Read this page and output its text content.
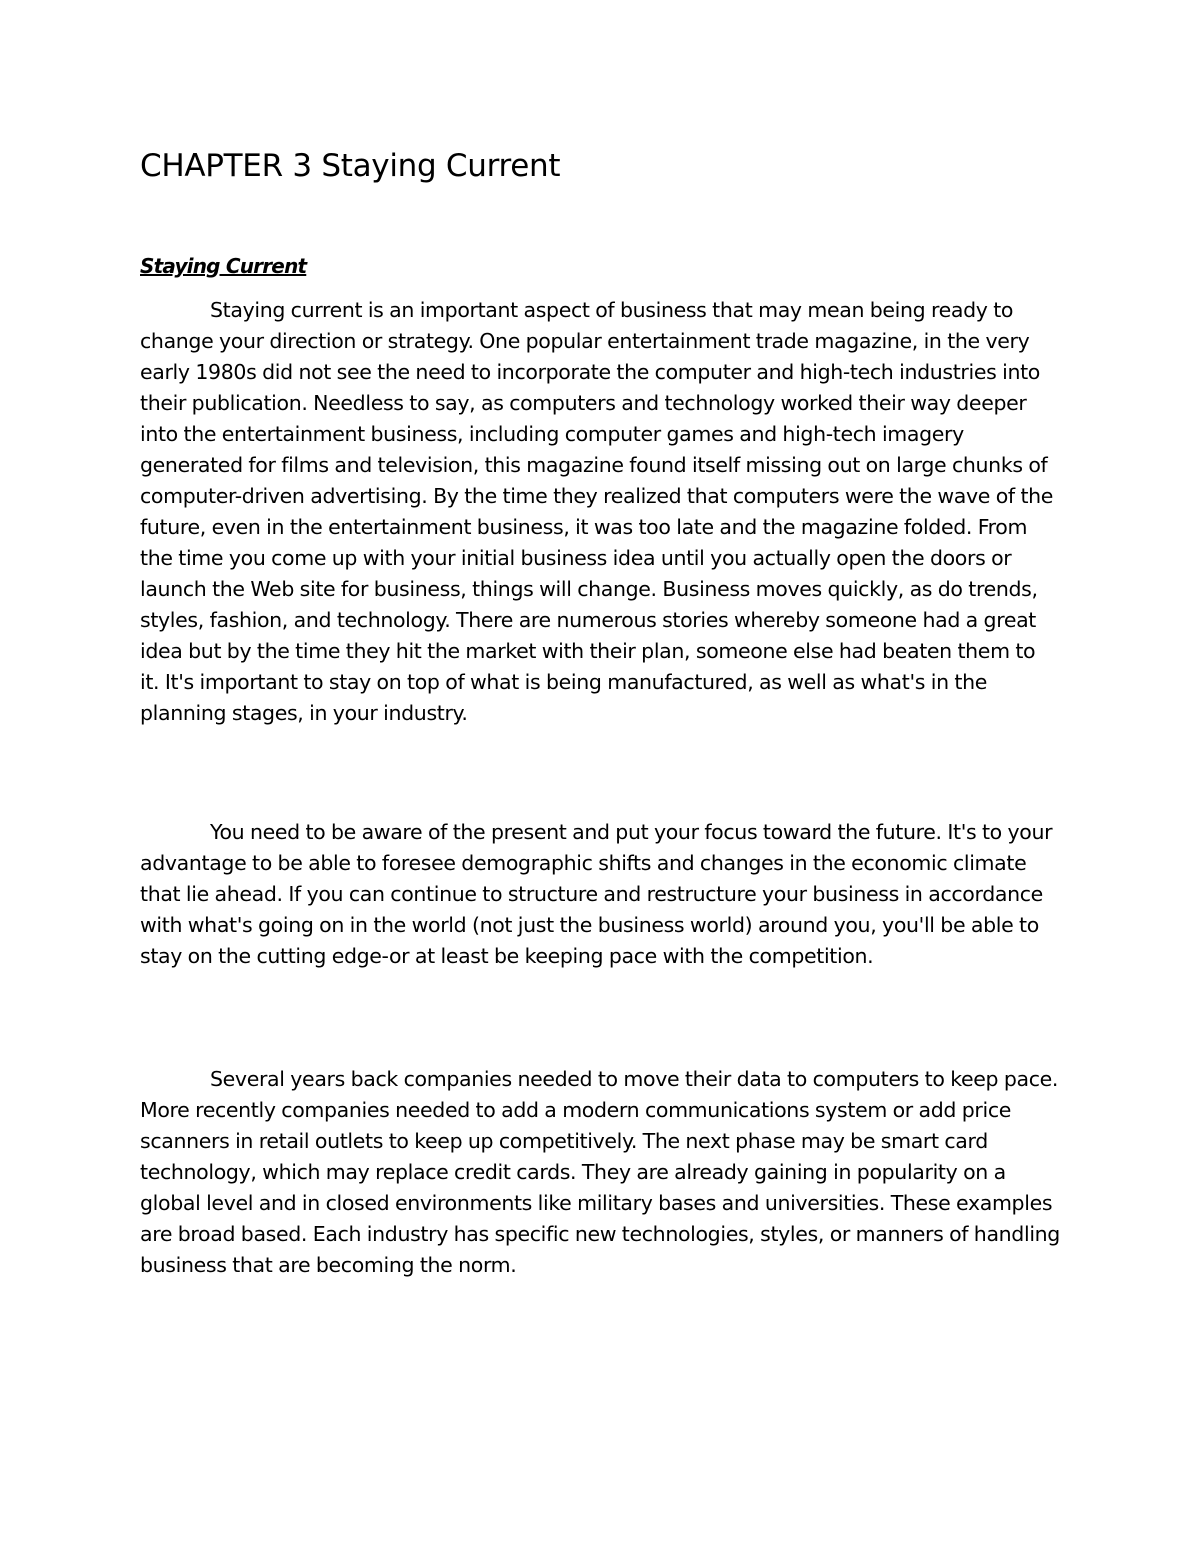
CHAPTER 3 Staying Current
Staying Current

Staying current is an important aspect of business that may mean being ready to change your direction or strategy. One popular entertainment trade magazine, in the very early 1980s did not see the need to incorporate the computer and high-tech industries into their publication. Needless to say, as computers and technology worked their way deeper into the entertainment business, including computer games and high-tech imagery generated for films and television, this magazine found itself missing out on large chunks of computer-driven advertising. By the time they realized that computers were the wave of the future, even in the entertainment business, it was too late and the magazine folded. From the time you come up with your initial business idea until you actually open the doors or launch the Web site for business, things will change. Business moves quickly, as do trends, styles, fashion, and technology. There are numerous stories whereby someone had a great idea but by the time they hit the market with their plan, someone else had beaten them to it. It's important to stay on top of what is being manufactured, as well as what's in the planning stages, in your industry.

You need to be aware of the present and put your focus toward the future. It's to your advantage to be able to foresee demographic shifts and changes in the economic climate that lie ahead. If you can continue to structure and restructure your business in accordance with what's going on in the world (not just the business world) around you, you'll be able to stay on the cutting edge-or at least be keeping pace with the competition.

Several years back companies needed to move their data to computers to keep pace. More recently companies needed to add a modern communications system or add price scanners in retail outlets to keep up competitively. The next phase may be smart card technology, which may replace credit cards. They are already gaining in popularity on a global level and in closed environments like military bases and universities. These examples are broad based. Each industry has specific new technologies, styles, or manners of handling business that are becoming the norm.
